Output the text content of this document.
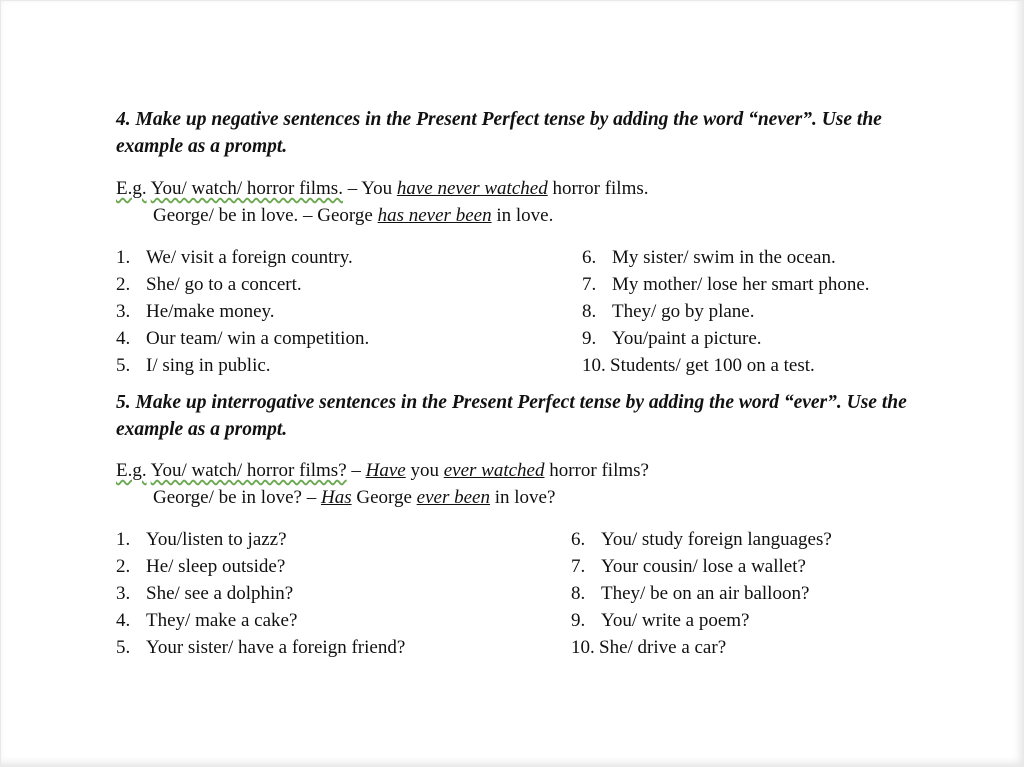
4. Make up negative sentences in the Present Perfect tense by adding the word “never”. Use the example as a prompt.
E.g. You/ watch/ horror films. – You have never watched horror films.
George/ be in love. – George has never been in love.
1. We/ visit a foreign country.
2. She/ go to a concert.
3. He/make money.
4. Our team/ win a competition.
5. I/ sing in public.
6. My sister/ swim in the ocean.
7. My mother/ lose her smart phone.
8. They/ go by plane.
9. You/paint a picture.
10. Students/ get 100 on a test.
5. Make up interrogative sentences in the Present Perfect tense by adding the word “ever”. Use the example as a prompt.
E.g. You/ watch/ horror films? – Have you ever watched horror films?
George/ be in love? – Has George ever been in love?
1. You/listen to jazz?
2. He/ sleep outside?
3. She/ see a dolphin?
4. They/ make a cake?
5. Your sister/ have a foreign friend?
6. You/ study foreign languages?
7. Your cousin/ lose a wallet?
8. They/ be on an air balloon?
9. You/ write a poem?
10. She/ drive a car?
